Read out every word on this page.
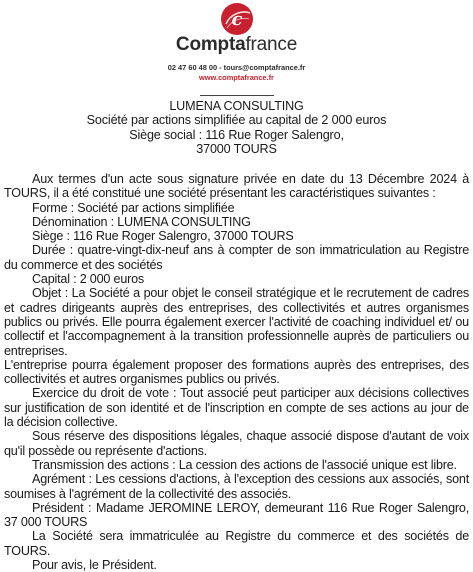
c
Comptafrance
02 47 60 48 00 - tours@comptafrance.fr
www.comptafrance.fr
LUMENA CONSULTING
Société par actions simplifiée au capital de 2 000 euros
Siège social : 116 Rue Roger Salengro,
37000 TOURS

Aux termes d'un acte sous signature privée en date du 13 Décembre 2024 à TOURS, il a été constitué une société présentant les caractéristiques suivantes :

Forme : Société par actions simplifiée

Dénomination : LUMENA CONSULTING

Siège : 116 Rue Roger Salengro, 37000 TOURS

Durée : quatre-vingt-dix-neuf ans à compter de son immatriculation au Registre du commerce et des sociétés

Capital : 2 000 euros

Objet : La Société a pour objet le conseil stratégique et le recrutement de cadres et cadres dirigeants auprès des entreprises, des collectivités et autres organismes publics ou privés. Elle pourra également exercer l'activité de coaching individuel et/ ou collectif et l'accompagnement à la transition professionnelle auprès de particuliers ou entreprises.

L'entreprise pourra également proposer des formations auprès des entreprises, des collectivités et autres organismes publics ou privés.

Exercice du droit de vote : Tout associé peut participer aux décisions collectives sur justification de son identité et de l'inscription en compte de ses actions au jour de la décision collective.

Sous réserve des dispositions légales, chaque associé dispose d'autant de voix qu'il possède ou représente d'actions.

Transmission des actions : La cession des actions de l'associé unique est libre.

Agrément : Les cessions d'actions, à l'exception des cessions aux associés, sont soumises à l'agrément de la collectivité des associés.

Président : Madame JEROMINE LEROY, demeurant 116 Rue Roger Salengro, 37 000 TOURS

La Société sera immatriculée au Registre du commerce et des sociétés de TOURS.

Pour avis, le Président.
